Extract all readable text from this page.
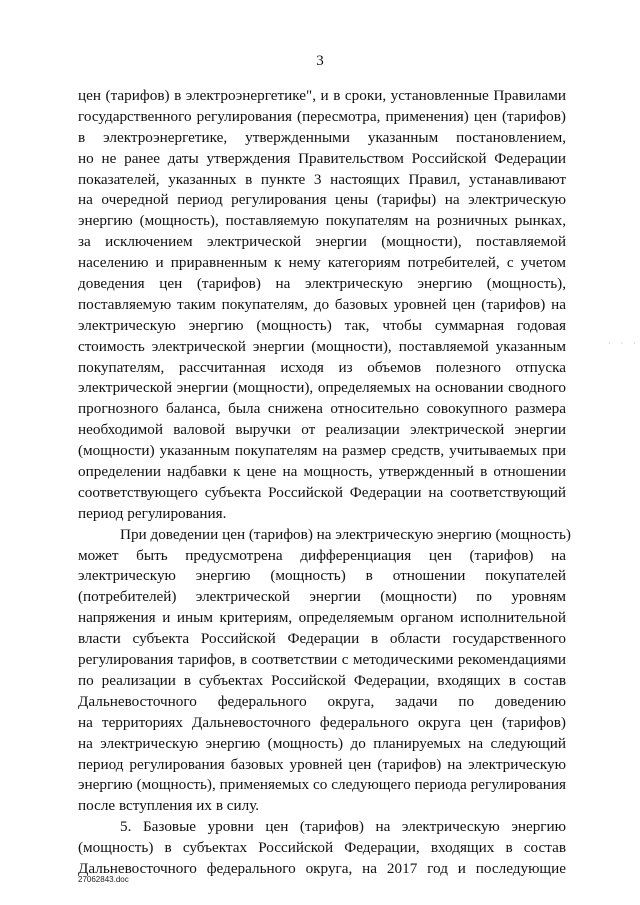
3
цен (тарифов) в электроэнергетике", и в сроки, установленные Правилами
государственного регулирования (пересмотра, применения) цен (тарифов)
в электроэнергетике, утвержденными указанным постановлением,
но не ранее даты утверждения Правительством Российской Федерации
показателей, указанных в пункте 3 настоящих Правил, устанавливают
на очередной период регулирования цены (тарифы) на электрическую
энергию (мощность), поставляемую покупателям на розничных рынках,
за исключением электрической энергии (мощности), поставляемой
населению и приравненным к нему категориям потребителей, с учетом
доведения цен (тарифов) на электрическую энергию (мощность),
поставляемую таким покупателям, до базовых уровней цен (тарифов) на
электрическую энергию (мощность) так, чтобы суммарная годовая
стоимость электрической энергии (мощности), поставляемой указанным
покупателям, рассчитанная исходя из объемов полезного отпуска
электрической энергии (мощности), определяемых на основании сводного
прогнозного баланса, была снижена относительно совокупного размера
необходимой валовой выручки от реализации электрической энергии
(мощности) указанным покупателям на размер средств, учитываемых при
определении надбавки к цене на мощность, утвержденный в отношении
соответствующего субъекта Российской Федерации на соответствующий
период регулирования.
При доведении цен (тарифов) на электрическую энергию (мощность)
может быть предусмотрена дифференциация цен (тарифов) на
электрическую энергию (мощность) в отношении покупателей
(потребителей) электрической энергии (мощности) по уровням
напряжения и иным критериям, определяемым органом исполнительной
власти субъекта Российской Федерации в области государственного
регулирования тарифов, в соответствии с методическими рекомендациями
по реализации в субъектах Российской Федерации, входящих в состав
Дальневосточного федерального округа, задачи по доведению
на территориях Дальневосточного федерального округа цен (тарифов)
на электрическую энергию (мощность) до планируемых на следующий
период регулирования базовых уровней цен (тарифов) на электрическую
энергию (мощность), применяемых со следующего периода регулирования
после вступления их в силу.
5. Базовые уровни цен (тарифов) на электрическую энергию
(мощность) в субъектах Российской Федерации, входящих в состав
Дальневосточного федерального округа, на 2017 год и последующие
· · ·
27062843.doc
